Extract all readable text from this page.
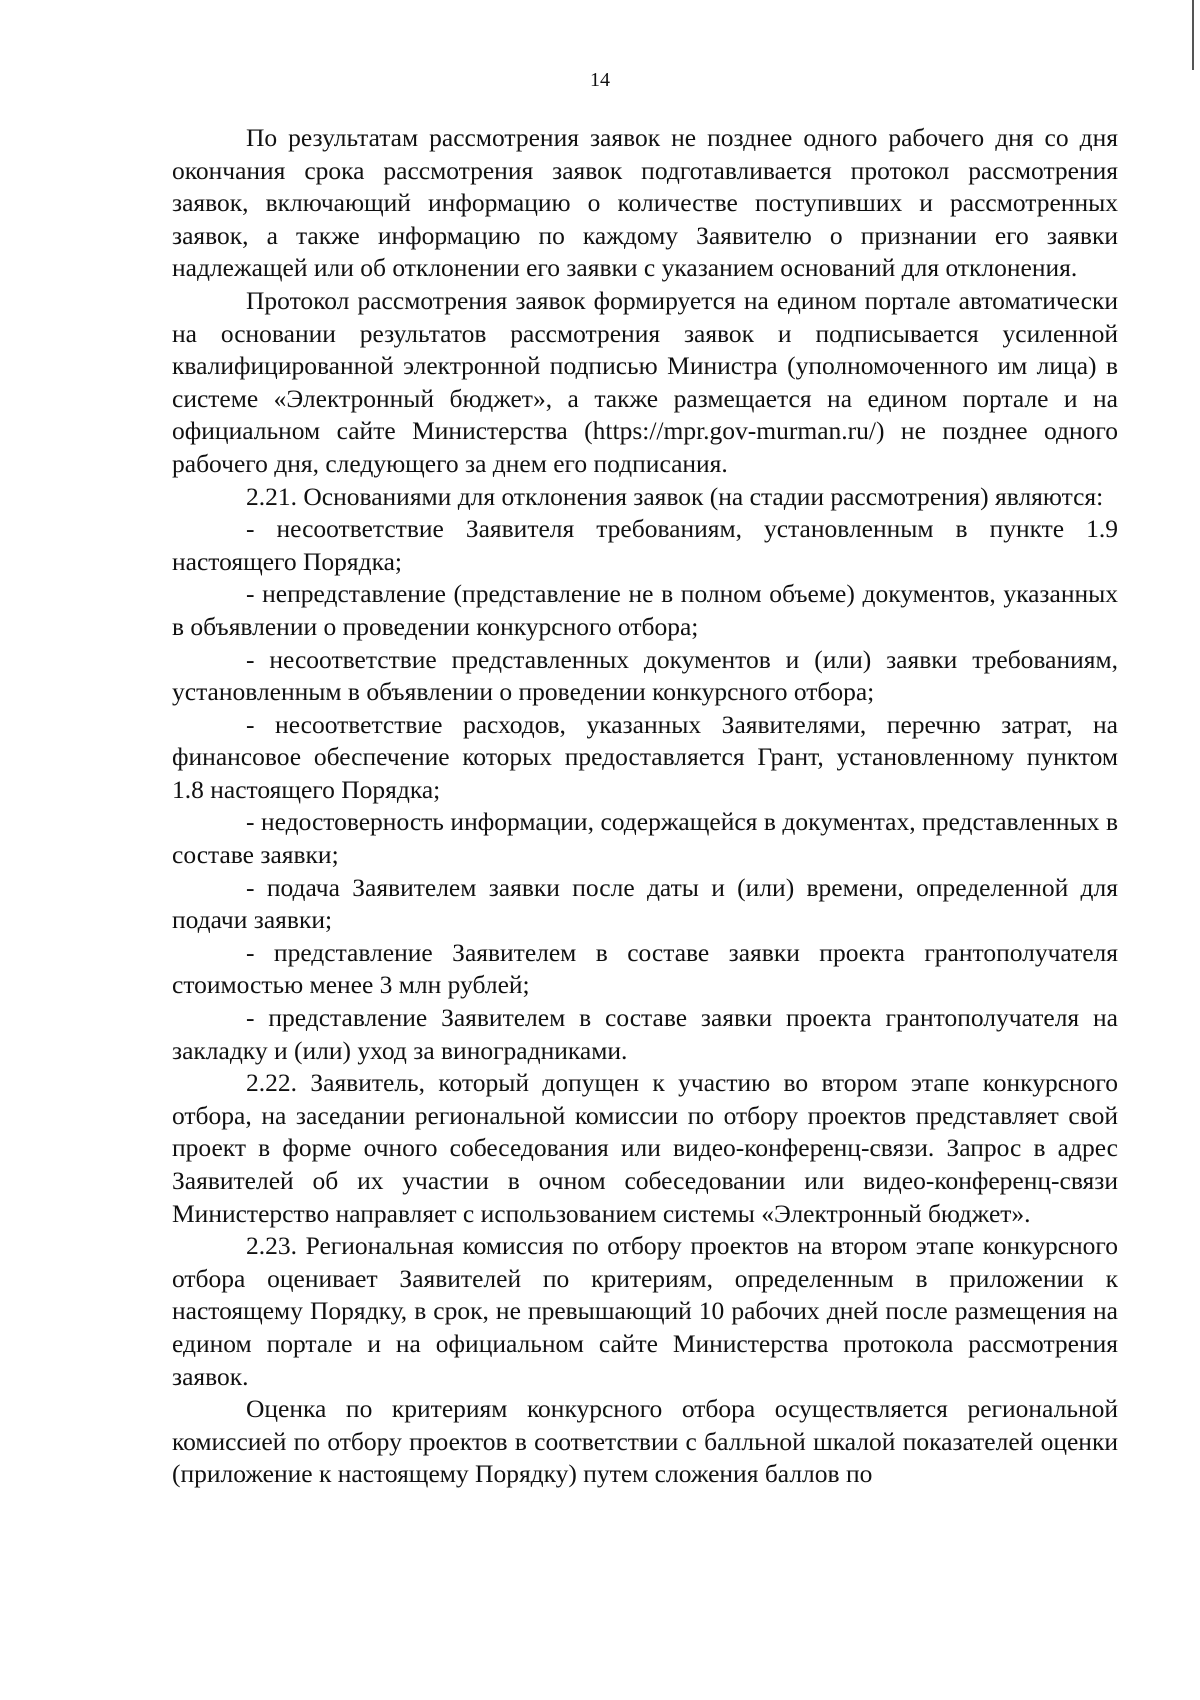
14

По результатам рассмотрения заявок не позднее одного рабочего дня со дня окончания срока рассмотрения заявок подготавливается протокол рассмотрения заявок, включающий информацию о количестве поступивших и рассмотренных заявок, а также информацию по каждому Заявителю о признании его заявки надлежащей или об отклонении его заявки с указанием оснований для отклонения.

Протокол рассмотрения заявок формируется на едином портале автоматически на основании результатов рассмотрения заявок и подписывается усиленной квалифицированной электронной подписью Министра (уполномоченного им лица) в системе «Электронный бюджет», а также размещается на едином портале и на официальном сайте Министерства (https://mpr.gov-murman.ru/) не позднее одного рабочего дня, следующего за днем его подписания.

2.21. Основаниями для отклонения заявок (на стадии рассмотрения) являются:

- несоответствие Заявителя требованиям, установленным в пункте 1.9 настоящего Порядка;

- непредставление (представление не в полном объеме) документов, указанных в объявлении о проведении конкурсного отбора;

- несоответствие представленных документов и (или) заявки требованиям, установленным в объявлении о проведении конкурсного отбора;

- несоответствие расходов, указанных Заявителями, перечню затрат, на финансовое обеспечение которых предоставляется Грант, установленному пунктом 1.8 настоящего Порядка;

- недостоверность информации, содержащейся в документах, представленных в составе заявки;

- подача Заявителем заявки после даты и (или) времени, определенной для подачи заявки;

- представление Заявителем в составе заявки проекта грантополучателя стоимостью менее 3 млн рублей;

- представление Заявителем в составе заявки проекта грантополучателя на закладку и (или) уход за виноградниками.

2.22. Заявитель, который допущен к участию во втором этапе конкурсного отбора, на заседании региональной комиссии по отбору проектов представляет свой проект в форме очного собеседования или видео-конференц-связи. Запрос в адрес Заявителей об их участии в очном собеседовании или видео-конференц-связи Министерство направляет с использованием системы «Электронный бюджет».

2.23. Региональная комиссия по отбору проектов на втором этапе конкурсного отбора оценивает Заявителей по критериям, определенным в приложении к настоящему Порядку, в срок, не превышающий 10 рабочих дней после размещения на едином портале и на официальном сайте Министерства протокола рассмотрения заявок.

Оценка по критериям конкурсного отбора осуществляется региональной комиссией по отбору проектов в соответствии с балльной шкалой показателей оценки (приложение к настоящему Порядку) путем сложения баллов по
